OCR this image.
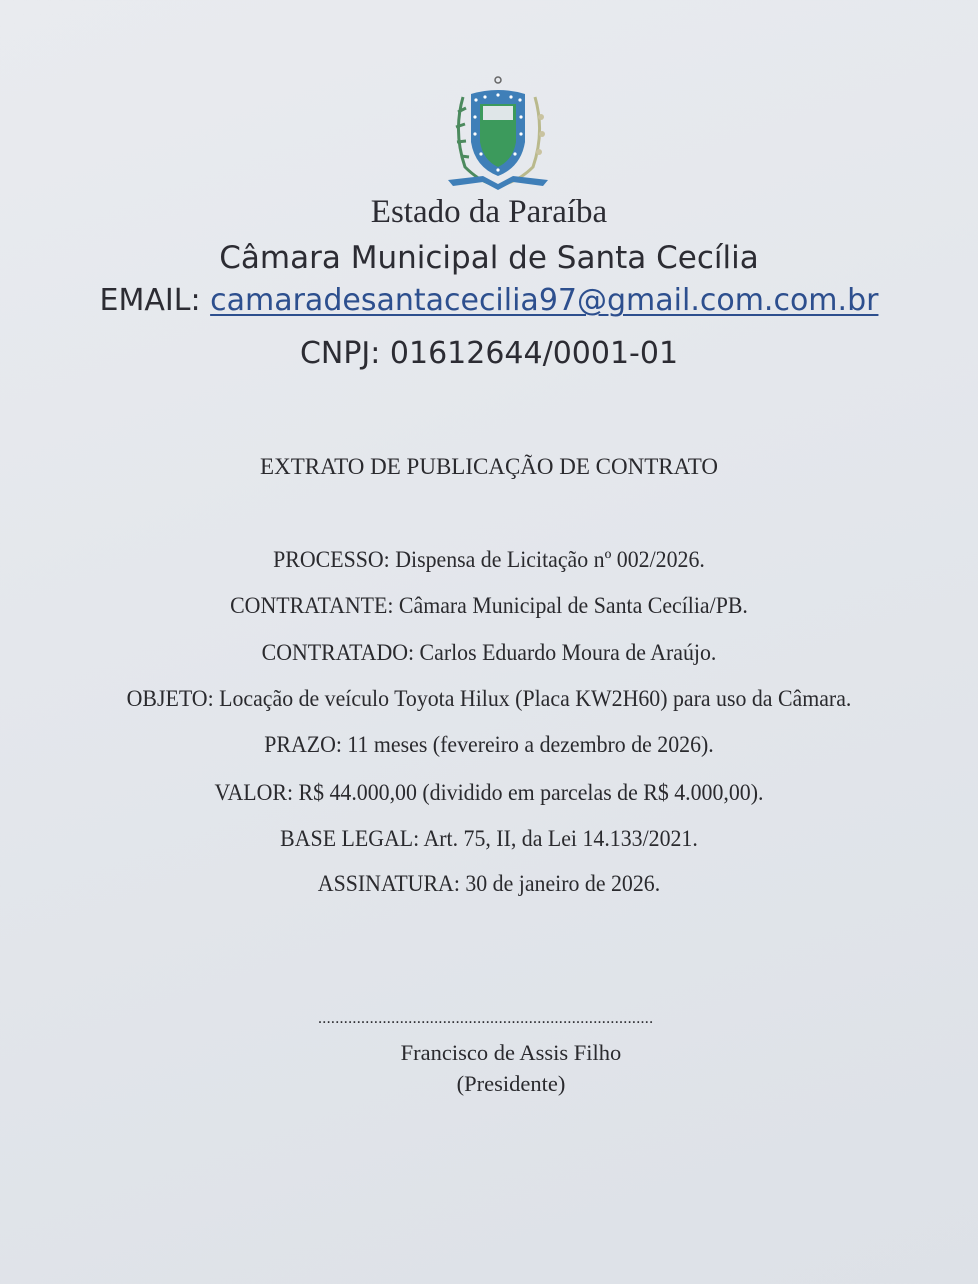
Estado da Paraíba
Câmara Municipal de Santa Cecília
EMAIL: camaradesantacecilia97@gmail.com.com.br
CNPJ: 01612644/0001-01
EXTRATO DE PUBLICAÇÃO DE CONTRATO
PROCESSO: Dispensa de Licitação nº 002/2026.
CONTRATANTE: Câmara Municipal de Santa Cecília/PB.
CONTRATADO: Carlos Eduardo Moura de Araújo.
OBJETO: Locação de veículo Toyota Hilux (Placa KW2H60) para uso da Câmara.
PRAZO: 11 meses (fevereiro a dezembro de 2026).
VALOR: R$ 44.000,00 (dividido em parcelas de R$ 4.000,00).
BASE LEGAL: Art. 75, II, da Lei 14.133/2021.
ASSINATURA: 30 de janeiro de 2026.
..............................................................................
Francisco de Assis Filho
(Presidente)
